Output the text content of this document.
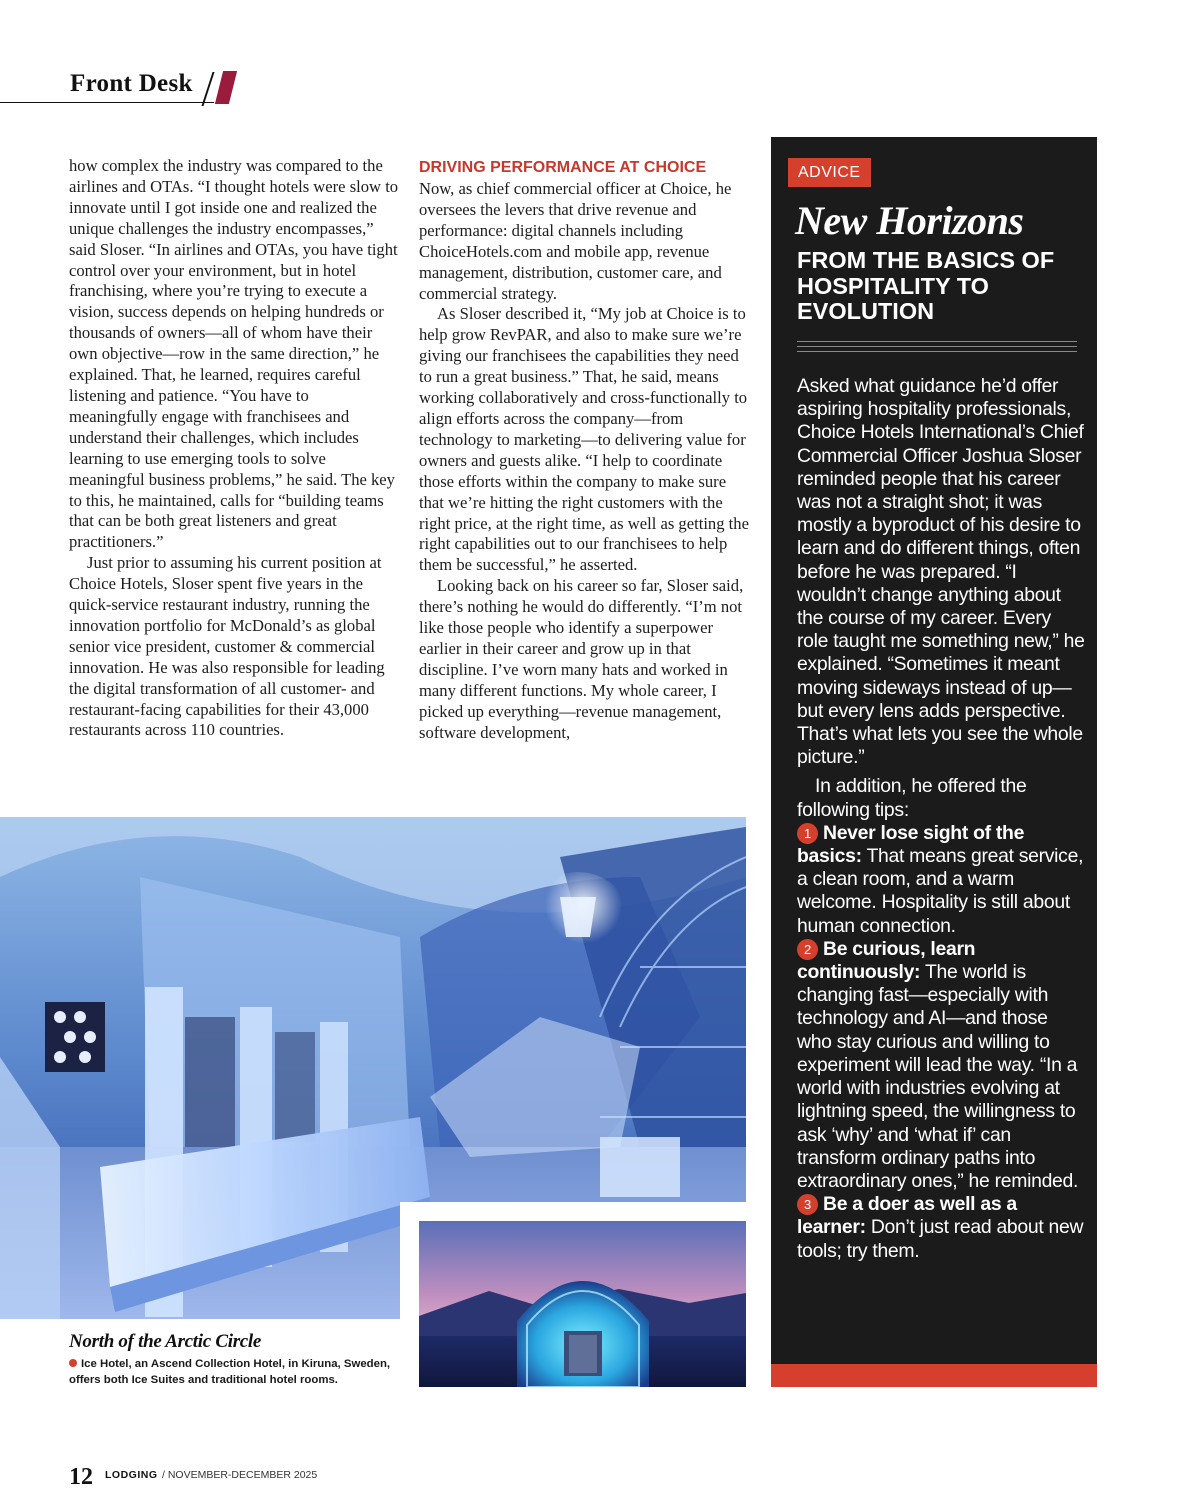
Front Desk

how complex the industry was compared to the airlines and OTAs. “I thought hotels were slow to innovate until I got inside one and realized the unique challenges the industry encompasses,” said Sloser. “In airlines and OTAs, you have tight control over your environment, but in hotel franchising, where you’re trying to execute a vision, success depends on helping hundreds or thousands of owners—all of whom have their own objective—row in the same direction,” he explained. That, he learned, requires careful listening and patience. “You have to meaningfully engage with franchisees and understand their challenges, which includes learning to use emerging tools to solve meaningful business problems,” he said. The key to this, he maintained, calls for “building teams that can be both great listeners and great practitioners.”

Just prior to assuming his current position at Choice Hotels, Sloser spent five years in the quick-service restaurant industry, running the innovation portfolio for McDonald’s as global senior vice president, customer & commercial innovation. He was also responsible for leading the digital transformation of all customer- and restaurant-facing capabilities for their 43,000 restaurants across 110 countries.

DRIVING PERFORMANCE AT CHOICE

Now, as chief commercial officer at Choice, he oversees the levers that drive revenue and performance: digital channels including ChoiceHotels.com and mobile app, revenue management, distribution, customer care, and commercial strategy.

As Sloser described it, “My job at Choice is to help grow RevPAR, and also to make sure we’re giving our franchisees the capabilities they need to run a great business.” That, he said, means working collaboratively and cross-functionally to align efforts across the company—from technology to marketing—to delivering value for owners and guests alike. “I help to coordinate those efforts within the company to make sure that we’re hitting the right customers with the right price, at the right time, as well as getting the right capabilities out to our franchisees to help them be successful,” he asserted.

Looking back on his career so far, Sloser said, there’s nothing he would do differently. “I’m not like those people who identify a superpower earlier in their career and grow up in that discipline. I’ve worn many hats and worked in many different functions. My whole career, I picked up everything—revenue management, software development,

North of the Arctic Circle
Ice Hotel, an Ascend Collection Hotel, in Kiruna, Sweden, offers both Ice Suites and traditional hotel rooms.
12 LODGING / NOVEMBER-DECEMBER 2025
ADVICE
New Horizons
FROM THE BASICS OF HOSPITALITY TO EVOLUTION

Asked what guidance he’d offer aspiring hospitality professionals, Choice Hotels International’s Chief Commercial Officer Joshua Sloser reminded people that his career was not a straight shot; it was mostly a byproduct of his desire to learn and do different things, often before he was prepared. “I wouldn’t change anything about the course of my career. Every role taught me something new,” he explained. “Sometimes it meant moving sideways instead of up—but every lens adds perspective. That’s what lets you see the whole picture.”

In addition, he offered the following tips:

1 Never lose sight of the basics: That means great service, a clean room, and a warm welcome. Hospitality is still about human connection.

2 Be curious, learn continuously: The world is changing fast—especially with technology and AI—and those who stay curious and willing to experiment will lead the way. “In a world with industries evolving at lightning speed, the willingness to ask ‘why’ and ‘what if’ can transform ordinary paths into extraordinary ones,” he reminded.

3 Be a doer as well as a learner: Don’t just read about new tools; try them.
